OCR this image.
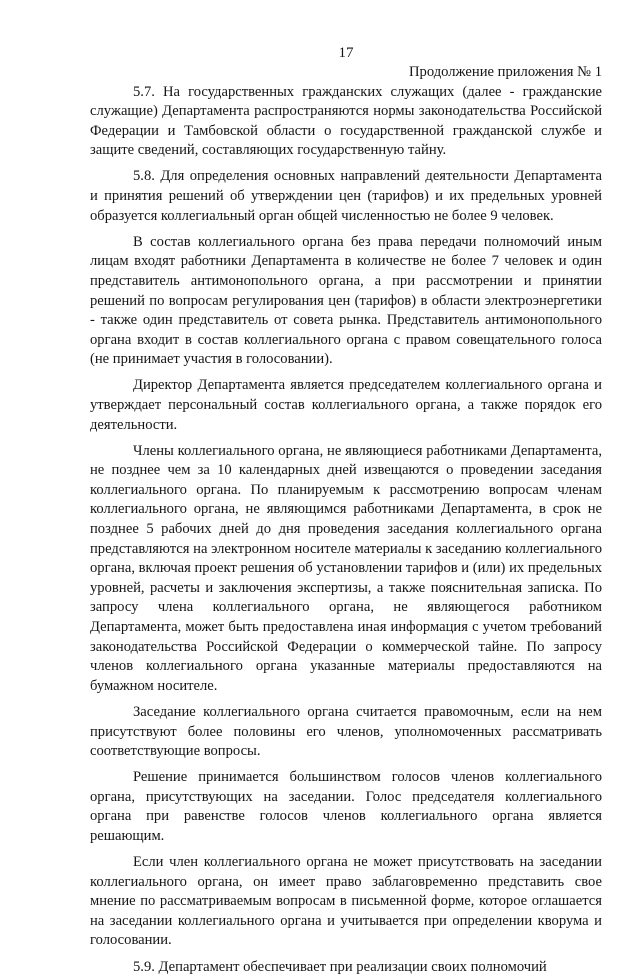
17

Продолжение приложения № 1

5.7. На государственных гражданских служащих (далее - гражданские служащие) Департамента распространяются нормы законодательства Российской Федерации и Тамбовской области о государственной гражданской службе и защите сведений, составляющих государственную тайну.

5.8. Для определения основных направлений деятельности Департамента и принятия решений об утверждении цен (тарифов) и их предельных уровней образуется коллегиальный орган общей численностью не более 9 человек.

В состав коллегиального органа без права передачи полномочий иным лицам входят работники Департамента в количестве не более 7 человек и один представитель антимонопольного органа, а при рассмотрении и принятии решений по вопросам регулирования цен (тарифов) в области электроэнергетики - также один представитель от совета рынка. Представитель антимонопольного органа входит в состав коллегиального органа с правом совещательного голоса (не принимает участия в голосовании).

Директор Департамента является председателем коллегиального органа и утверждает персональный состав коллегиального органа, а также порядок его деятельности.

Члены коллегиального органа, не являющиеся работниками Департамента, не позднее чем за 10 календарных дней извещаются о проведении заседания коллегиального органа. По планируемым к рассмотрению вопросам членам коллегиального органа, не являющимся работниками Департамента, в срок не позднее 5 рабочих дней до дня проведения заседания коллегиального органа представляются на электронном носителе материалы к заседанию коллегиального органа, включая проект решения об установлении тарифов и (или) их предельных уровней, расчеты и заключения экспертизы, а также пояснительная записка. По запросу члена коллегиального органа, не являющегося работником Департамента, может быть предоставлена иная информация с учетом требований законодательства Российской Федерации о коммерческой тайне. По запросу членов коллегиального органа указанные материалы предоставляются на бумажном носителе.

Заседание коллегиального органа считается правомочным, если на нем присутствуют более половины его членов, уполномоченных рассматривать соответствующие вопросы.

Решение принимается большинством голосов членов коллегиального органа, присутствующих на заседании. Голос председателя коллегиального органа при равенстве голосов членов коллегиального органа является решающим.

Если член коллегиального органа не может присутствовать на заседании коллегиального органа, он имеет право заблаговременно представить свое мнение по рассматриваемым вопросам в письменной форме, которое оглашается на заседании коллегиального органа и учитывается при определении кворума и голосовании.

5.9. Департамент обеспечивает при реализации своих полномочий
